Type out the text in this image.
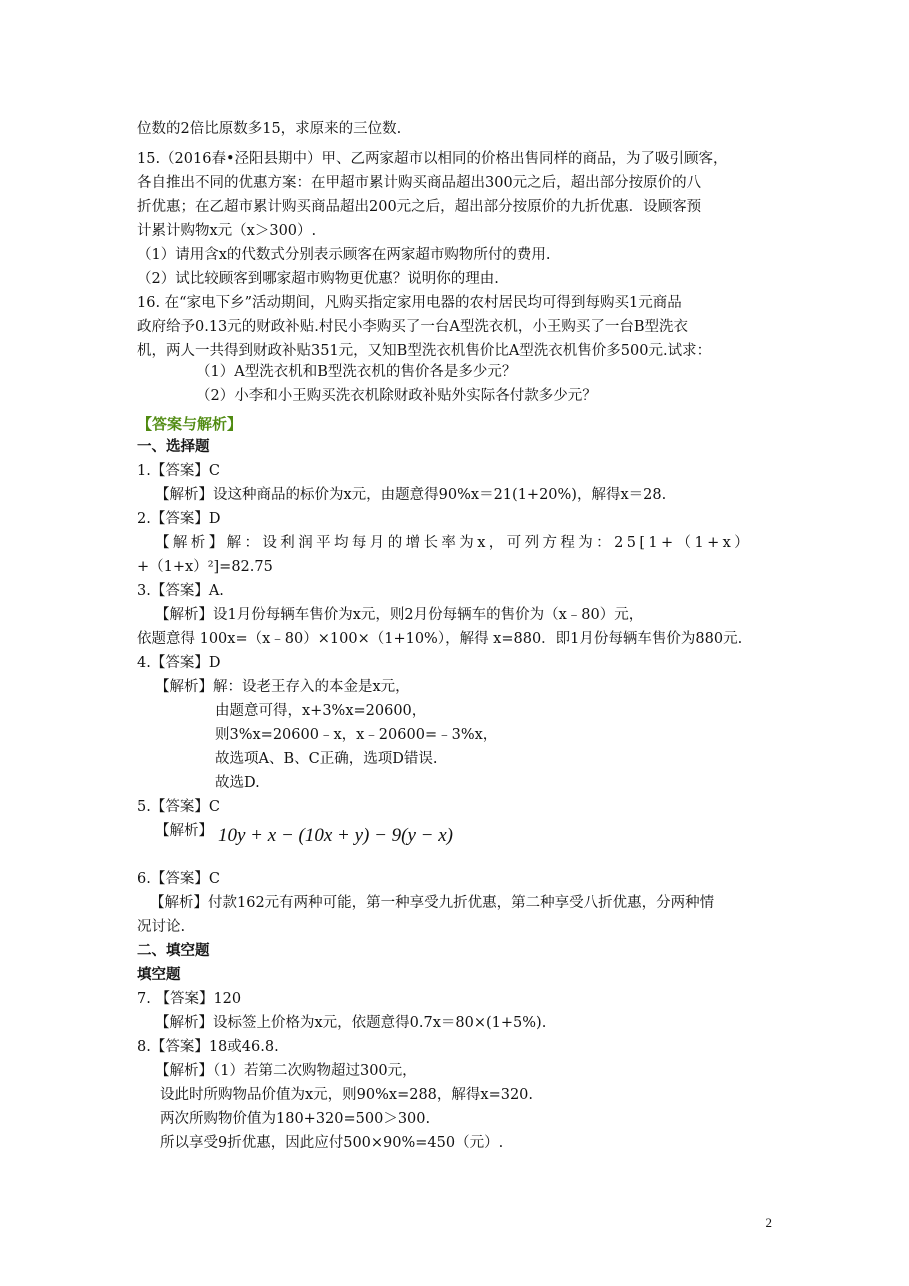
位数的2倍比原数多15，求原来的三位数.
15.（2016春•泾阳县期中）甲、乙两家超市以相同的价格出售同样的商品，为了吸引顾客，
各自推出不同的优惠方案：在甲超市累计购买商品超出300元之后，超出部分按原价的八
折优惠；在乙超市累计购买商品超出200元之后，超出部分按原价的九折优惠．设顾客预
计累计购物x元（x＞300）.
（1）请用含x的代数式分别表示顾客在两家超市购物所付的费用.
（2）试比较顾客到哪家超市购物更优惠？说明你的理由.
16. 在“家电下乡”活动期间，凡购买指定家用电器的农村居民均可得到每购买1元商品
政府给予0.13元的财政补贴.村民小李购买了一台A型洗衣机，小王购买了一台B型洗衣
机，两人一共得到财政补贴351元，又知B型洗衣机售价比A型洗衣机售价多500元.试求：
（1）A型洗衣机和B型洗衣机的售价各是多少元？
（2）小李和小王购买洗衣机除财政补贴外实际各付款多少元？
【答案与解析】
一、选择题
1.【答案】C
【解析】设这种商品的标价为x元，由题意得90%x＝21(1+20%)，解得x＝28.
2.【答案】D
【解析】解：设利润平均每月的增长率为x，可列方程为：25[1+（1+x）
+（1+x）²]=82.75
3.【答案】A.
【解析】设1月份每辆车售价为x元，则2月份每辆车的售价为（x﹣80）元，
依题意得 100x=（x﹣80）×100×（1+10%），解得 x=880．即1月份每辆车售价为880元.
4.【答案】D
【解析】解：设老王存入的本金是x元，
由题意可得，x+3%x=20600，
则3%x=20600﹣x，x﹣20600=﹣3%x，
故选项A、B、C正确，选项D错误.
故选D.
5.【答案】C
【解析】
6.【答案】C
【解析】付款162元有两种可能，第一种享受九折优惠，第二种享受八折优惠，分两种情
况讨论.
二、填空题
填空题
7. 【答案】120
【解析】设标签上价格为x元，依题意得0.7x＝80×(1+5%).
8.【答案】18或46.8.
【解析】（1）若第二次购物超过300元，
设此时所购物品价值为x元，则90%x=288，解得x=320.
两次所购物价值为180+320=500＞300.
所以享受9折优惠，因此应付500×90%=450（元）.
10y + x − (10x + y) − 9(y − x)
2
